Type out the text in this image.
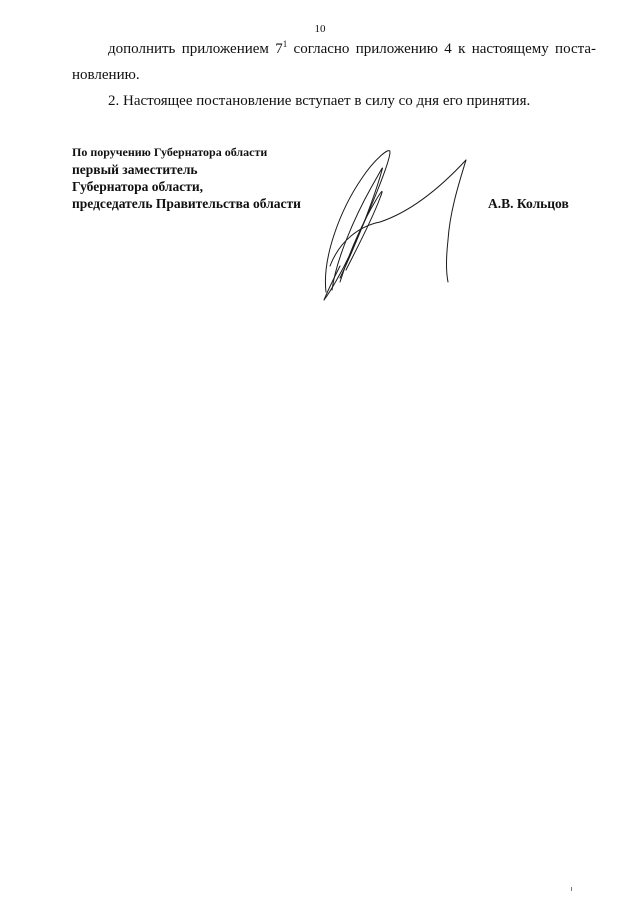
10
дополнить приложением $7^1$ согласно приложению 4 к настоящему поста-
новлению.
2. Настоящее постановление вступает в силу со дня его принятия.
По поручению Губернатора области
первый заместитель
Губернатора области,
председатель Правительства области	А.В. Кольцов
